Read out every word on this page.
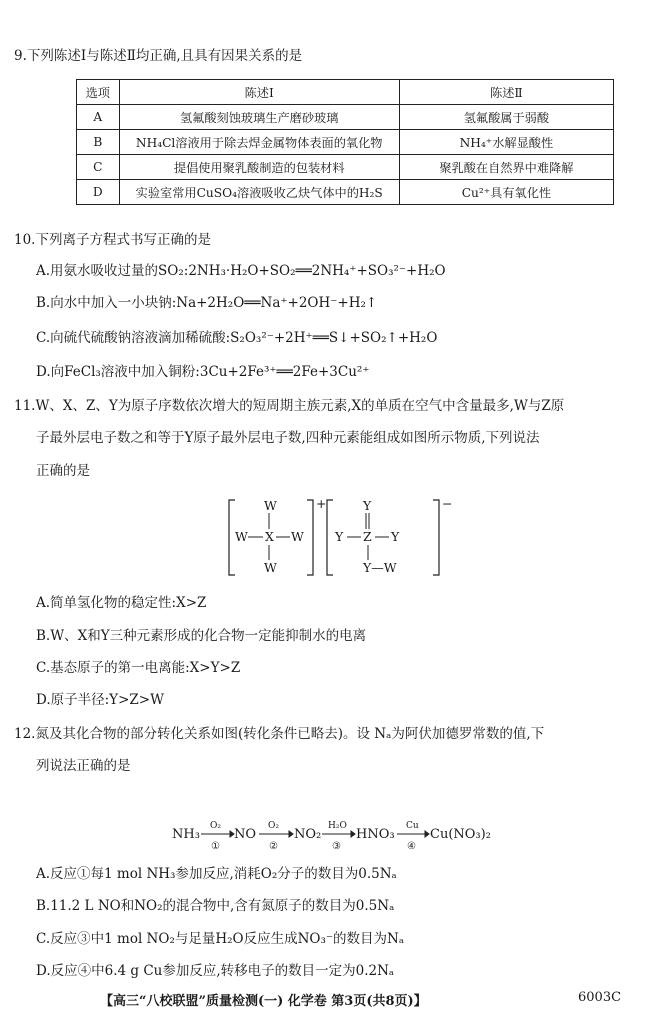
9.下列陈述Ⅰ与陈述Ⅱ均正确,且具有因果关系的是
选项	陈述Ⅰ	陈述Ⅱ
A	氢氟酸刻蚀玻璃生产磨砂玻璃	氢氟酸属于弱酸
B	NH₄Cl溶液用于除去焊金属物体表面的氧化物	NH₄⁺水解显酸性
C	提倡使用聚乳酸制造的包装材料	聚乳酸在自然界中难降解
D	实验室常用CuSO₄溶液吸收乙炔气体中的H₂S	Cu²⁺具有氧化性
10.下列离子方程式书写正确的是
A.用氨水吸收过量的SO₂:2NH₃·H₂O+SO₂══2NH₄⁺+SO₃²⁻+H₂O
B.向水中加入一小块钠:Na+2H₂O══Na⁺+2OH⁻+H₂↑
C.向硫代硫酸钠溶液滴加稀硫酸:S₂O₃²⁻+2H⁺══S↓+SO₂↑+H₂O
D.向FeCl₃溶液中加入铜粉:3Cu+2Fe³⁺══2Fe+3Cu²⁺
11.W、X、Z、Y为原子序数依次增大的短周期主族元素,X的单质在空气中含量最多,W与Z原
子最外层电子数之和等于Y原子最外层电子数,四种元素能组成如图所示物质,下列说法
正确的是
+
W
W X W
W
−
Y
Y Z Y
Y—W
A.简单氢化物的稳定性:X>Z
B.W、X和Y三种元素形成的化合物一定能抑制水的电离
C.基态原子的第一电离能:X>Y>Z
D.原子半径:Y>Z>W
12.氮及其化合物的部分转化关系如图(转化条件已略去)。设 Nₐ为阿伏加德罗常数的值,下
列说法正确的是
NH₃	NO	NO₂	HNO₃	Cu(NO₃)₂
O₂	O₂	H₂O	Cu
①	②	③	④
A.反应①每1 mol NH₃参加反应,消耗O₂分子的数目为0.5Nₐ
B.11.2 L NO和NO₂的混合物中,含有氮原子的数目为0.5Nₐ
C.反应③中1 mol NO₂与足量H₂O反应生成NO₃⁻的数目为Nₐ
D.反应④中6.4 g Cu参加反应,转移电子的数目一定为0.2Nₐ
【高三“八校联盟”质量检测(一) 化学卷 第3页(共8页)】	6003C
